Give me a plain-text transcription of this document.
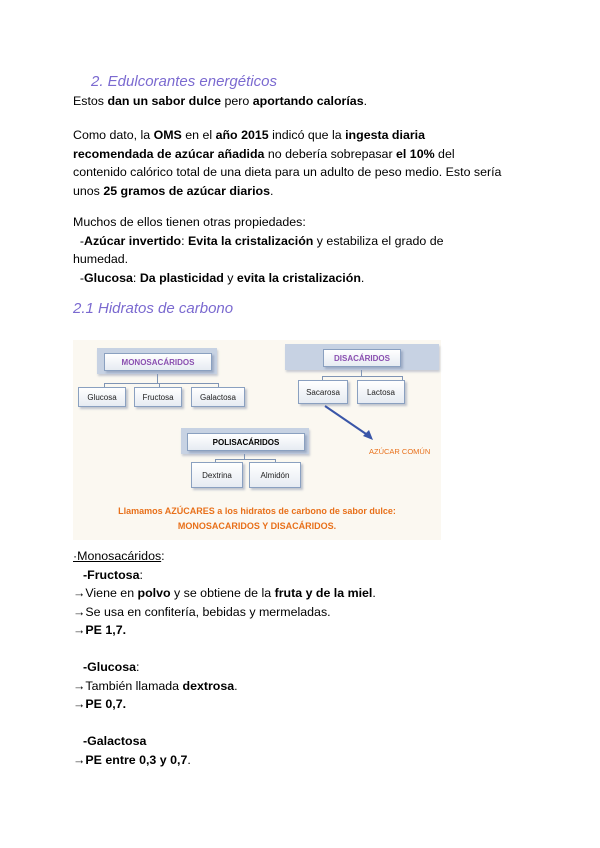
2. Edulcorantes energéticos

Estos dan un sabor dulce pero aportando calorías.

Como dato, la OMS en el año 2015 indicó que la ingesta diaria
recomendada de azúcar añadida no debería sobrepasar el 10% del
contenido calórico total de una dieta para un adulto de peso medio. Esto sería
unos 25 gramos de azúcar diarios.

Muchos de ellos tienen otras propiedades:
-Azúcar invertido: Evita la cristalización y estabiliza el grado de
humedad.
-Glucosa: Da plasticidad y evita la cristalización.

2.1 Hidratos de carbono
MONOSACÁRIDOS
Glucosa	Fructosa	Galactosa
DISACÁRIDOS
Sacarosa	Lactosa
AZÚCAR COMÚN
POLISACÁRIDOS
Dextrina	Almidón
Llamamos AZÚCARES a los hidratos de carbono de sabor dulce:
MONOSACARIDOS Y DISACÁRIDOS.

·Monosacáridos:
-Fructosa:
→Viene en polvo y se obtiene de la fruta y de la miel.
→Se usa en confitería, bebidas y mermeladas.
→PE 1,7.

-Glucosa:
→También llamada dextrosa.
→PE 0,7.

-Galactosa
→PE entre 0,3 y 0,7.
